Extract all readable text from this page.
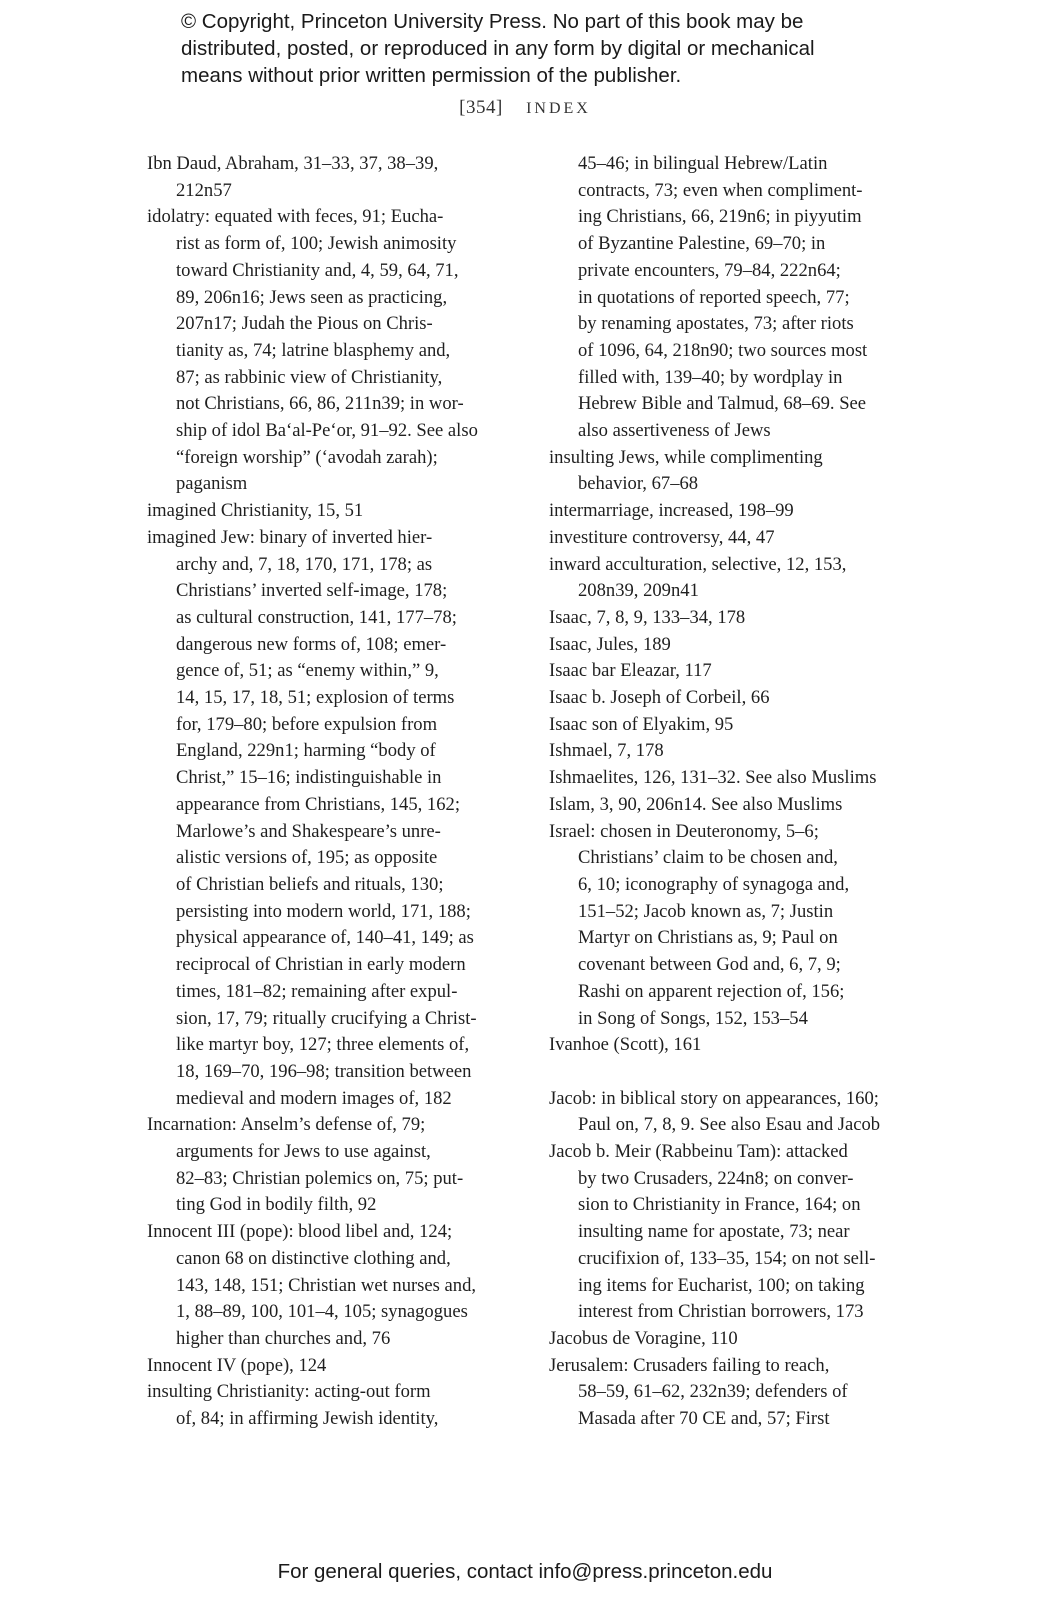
© Copyright, Princeton University Press. No part of this book may be
distributed, posted, or reproduced in any form by digital or mechanical
means without prior written permission of the publisher.
[354] INDEX
Ibn Daud, Abraham, 31–33, 37, 38–39,
212n57
idolatry: equated with feces, 91; Eucha-
rist as form of, 100; Jewish animosity
toward Christianity and, 4, 59, 64, 71,
89, 206n16; Jews seen as practicing,
207n17; Judah the Pious on Chris-
tianity as, 74; latrine blasphemy and,
87; as rabbinic view of Christianity,
not Christians, 66, 86, 211n39; in wor-
ship of idol Ba‘al-Pe‘or, 91–92. See also
“foreign worship” (‘avodah zarah);
paganism
imagined Christianity, 15, 51
imagined Jew: binary of inverted hier-
archy and, 7, 18, 170, 171, 178; as
Christians’ inverted self-image, 178;
as cultural construction, 141, 177–78;
dangerous new forms of, 108; emer-
gence of, 51; as “enemy within,” 9,
14, 15, 17, 18, 51; explosion of terms
for, 179–80; before expulsion from
England, 229n1; harming “body of
Christ,” 15–16; indistinguishable in
appearance from Christians, 145, 162;
Marlowe’s and Shakespeare’s unre-
alistic versions of, 195; as opposite
of Christian beliefs and rituals, 130;
persisting into modern world, 171, 188;
physical appearance of, 140–41, 149; as
reciprocal of Christian in early modern
times, 181–82; remaining after expul-
sion, 17, 79; ritually crucifying a Christ-
like martyr boy, 127; three elements of,
18, 169–70, 196–98; transition between
medieval and modern images of, 182
Incarnation: Anselm’s defense of, 79;
arguments for Jews to use against,
82–83; Christian polemics on, 75; put-
ting God in bodily filth, 92
Innocent III (pope): blood libel and, 124;
canon 68 on distinctive clothing and,
143, 148, 151; Christian wet nurses and,
1, 88–89, 100, 101–4, 105; synagogues
higher than churches and, 76
Innocent IV (pope), 124
insulting Christianity: acting-out form
of, 84; in affirming Jewish identity,
45–46; in bilingual Hebrew/Latin
contracts, 73; even when compliment-
ing Christians, 66, 219n6; in piyyutim
of Byzantine Palestine, 69–70; in
private encounters, 79–84, 222n64;
in quotations of reported speech, 77;
by renaming apostates, 73; after riots
of 1096, 64, 218n90; two sources most
filled with, 139–40; by wordplay in
Hebrew Bible and Talmud, 68–69. See
also assertiveness of Jews
insulting Jews, while complimenting
behavior, 67–68
intermarriage, increased, 198–99
investiture controversy, 44, 47
inward acculturation, selective, 12, 153,
208n39, 209n41
Isaac, 7, 8, 9, 133–34, 178
Isaac, Jules, 189
Isaac bar Eleazar, 117
Isaac b. Joseph of Corbeil, 66
Isaac son of Elyakim, 95
Ishmael, 7, 178
Ishmaelites, 126, 131–32. See also Muslims
Islam, 3, 90, 206n14. See also Muslims
Israel: chosen in Deuteronomy, 5–6;
Christians’ claim to be chosen and,
6, 10; iconography of synagoga and,
151–52; Jacob known as, 7; Justin
Martyr on Christians as, 9; Paul on
covenant between God and, 6, 7, 9;
Rashi on apparent rejection of, 156;
in Song of Songs, 152, 153–54
Ivanhoe (Scott), 161
Jacob: in biblical story on appearances, 160;
Paul on, 7, 8, 9. See also Esau and Jacob
Jacob b. Meir (Rabbeinu Tam): attacked
by two Crusaders, 224n8; on conver-
sion to Christianity in France, 164; on
insulting name for apostate, 73; near
crucifixion of, 133–35, 154; on not sell-
ing items for Eucharist, 100; on taking
interest from Christian borrowers, 173
Jacobus de Voragine, 110
Jerusalem: Crusaders failing to reach,
58–59, 61–62, 232n39; defenders of
Masada after 70 CE and, 57; First
For general queries, contact info@press.princeton.edu
